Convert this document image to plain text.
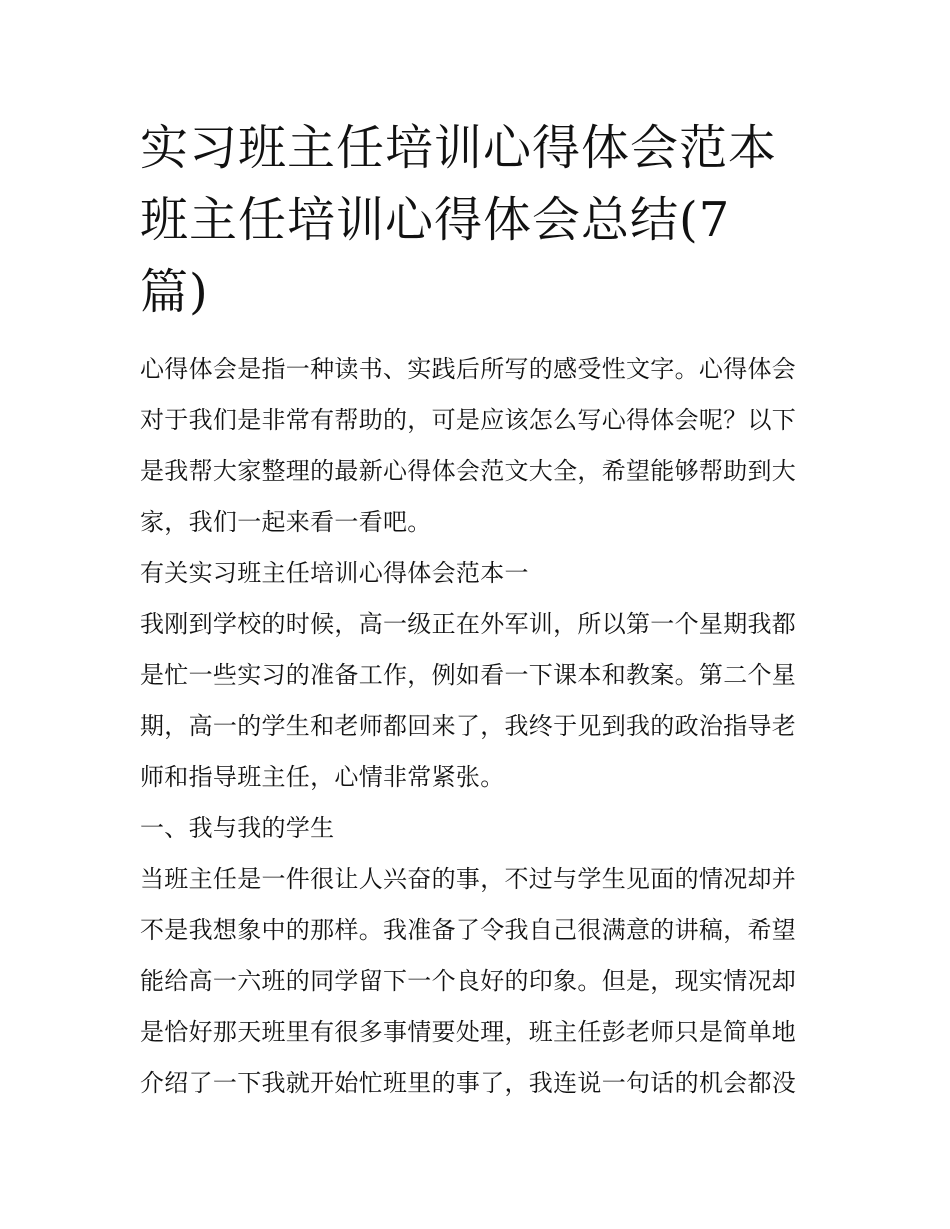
实习班主任培训心得体会范本
班主任培训心得体会总结(7
篇)

心得体会是指一种读书、实践后所写的感受性文字。心得体会
对于我们是非常有帮助的，可是应该怎么写心得体会呢？以下
是我帮大家整理的最新心得体会范文大全，希望能够帮助到大
家，我们一起来看一看吧。

有关实习班主任培训心得体会范本一

我刚到学校的时候，高一级正在外军训，所以第一个星期我都
是忙一些实习的准备工作，例如看一下课本和教案。第二个星
期，高一的学生和老师都回来了，我终于见到我的政治指导老
师和指导班主任，心情非常紧张。

一、我与我的学生

当班主任是一件很让人兴奋的事，不过与学生见面的情况却并
不是我想象中的那样。我准备了令我自己很满意的讲稿，希望
能给高一六班的同学留下一个良好的印象。但是，现实情况却
是恰好那天班里有很多事情要处理，班主任彭老师只是简单地
介绍了一下我就开始忙班里的事了，我连说一句话的机会都没
